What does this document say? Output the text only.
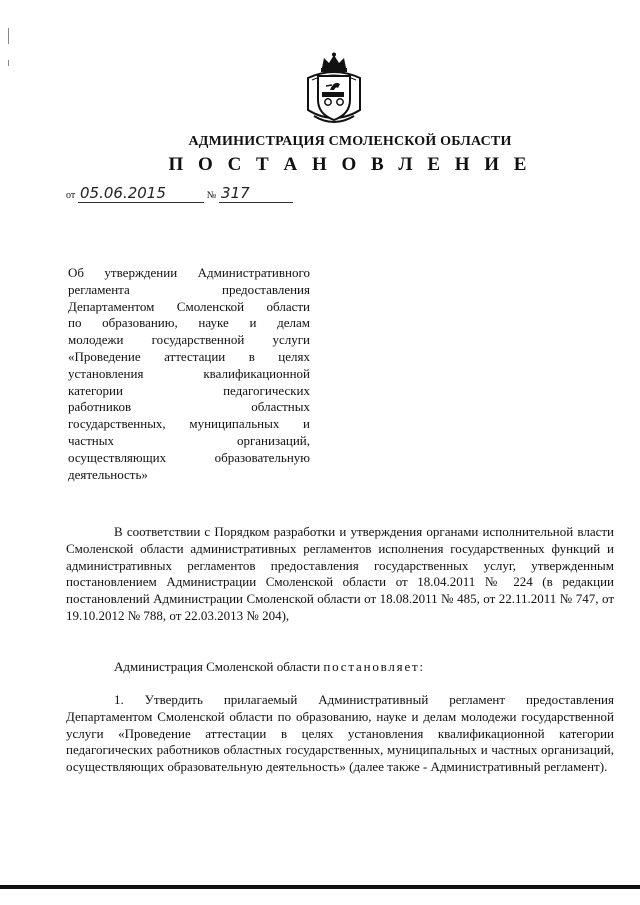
АДМИНИСТРАЦИЯ СМОЛЕНСКОЙ ОБЛАСТИ
П О С Т А Н О В Л Е Н И Е
от 05.06.2015	№ 317
Об утверждении Административного
регламента предоставления
Департаментом Смоленской области
по образованию, науке и делам
молодежи государственной услуги
«Проведение аттестации в целях
установления квалификационной
категории педагогических
работников областных
государственных, муниципальных и
частных организаций,
осуществляющих образовательную
деятельность»
В соответствии с Порядком разработки и утверждения органами исполнительной власти Смоленской области административных регламентов исполнения государственных функций и административных регламентов предоставления государственных услуг, утвержденным постановлением Администрации Смоленской области от 18.04.2011 № 224 (в редакции постановлений Администрации Смоленской области от 18.08.2011 № 485, от 22.11.2011 № 747, от 19.10.2012 № 788, от 22.03.2013 № 204),
Администрация Смоленской области постановляет:
1. Утвердить прилагаемый Административный регламент предоставления Департаментом Смоленской области по образованию, науке и делам молодежи государственной услуги «Проведение аттестации в целях установления квалификационной категории педагогических работников областных государственных, муниципальных и частных организаций, осуществляющих образовательную деятельность» (далее также - Административный регламент).
